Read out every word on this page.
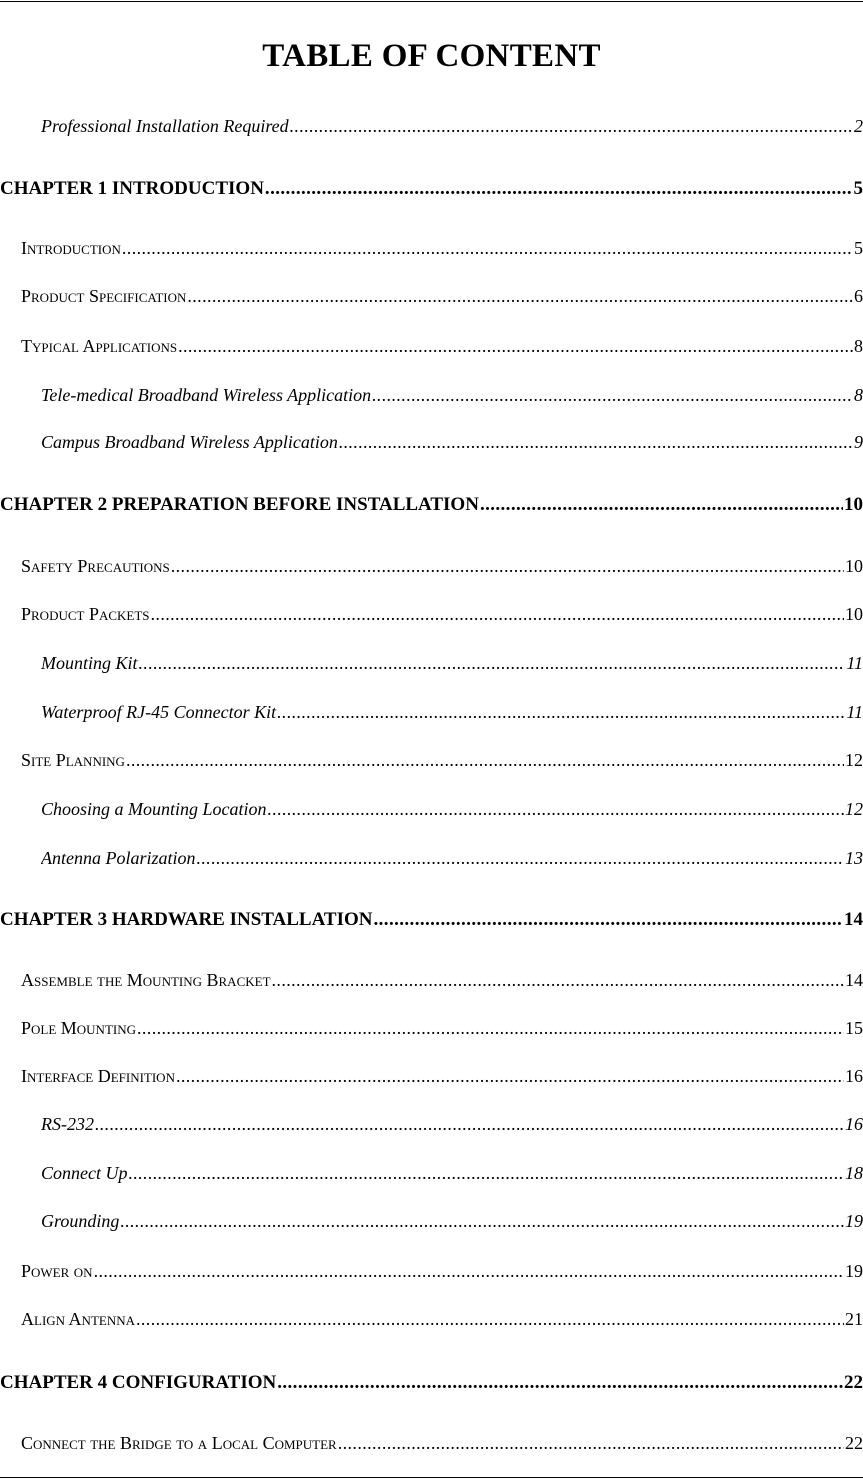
TABLE OF CONTENT
Professional Installation Required .....	2
CHAPTER 1 INTRODUCTION .....	5
Introduction .....	5
Product Specification .....	6
Typical Applications .....	8
Tele-medical Broadband Wireless Application .....	8
Campus Broadband Wireless Application .....	9
CHAPTER 2 PREPARATION BEFORE INSTALLATION .....	10
Safety Precautions .....	10
Product Packets .....	10
Mounting Kit .....	11
Waterproof RJ-45 Connector Kit .....	11
Site Planning .....	12
Choosing a Mounting Location .....	12
Antenna Polarization .....	13
CHAPTER 3 HARDWARE INSTALLATION .....	14
Assemble the Mounting Bracket .....	14
Pole Mounting .....	15
Interface Definition .....	16
RS-232 .....	16
Connect Up .....	18
Grounding .....	19
Power on .....	19
Align Antenna .....	21
CHAPTER 4 CONFIGURATION .....	22
Connect the Bridge to a Local Computer .....	22
